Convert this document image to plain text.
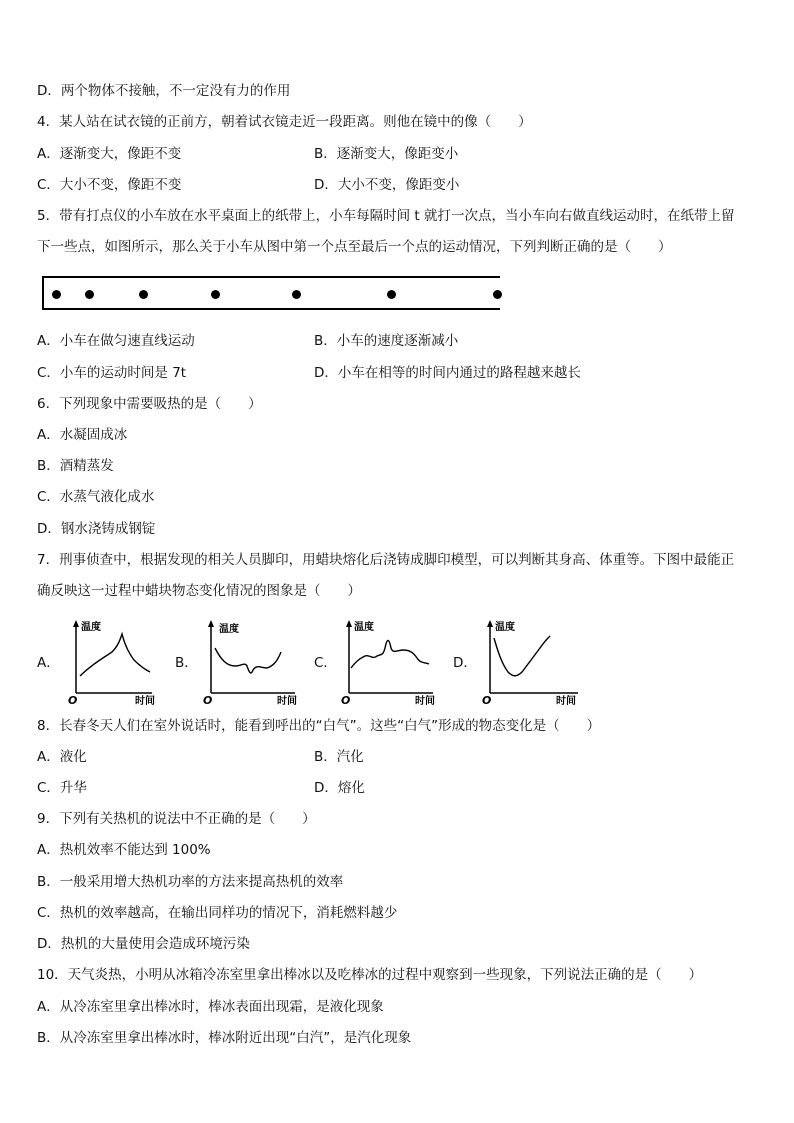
D．两个物体不接触，不一定没有力的作用
4．某人站在试衣镜的正前方，朝着试衣镜走近一段距离。则他在镜中的像（　　）
A．逐渐变大，像距不变	B．逐渐变大，像距变小
C．大小不变，像距不变	D．大小不变，像距变小
5．带有打点仪的小车放在水平桌面上的纸带上，小车每隔时间 t 就打一次点，当小车向右做直线运动时，在纸带上留
下一些点，如图所示，那么关于小车从图中第一个点至最后一个点的运动情况，下列判断正确的是（　　）
A．小车在做匀速直线运动	B．小车的速度逐渐减小
C．小车的运动时间是 7t	D．小车在相等的时间内通过的路程越来越长
6．下列现象中需要吸热的是（　　）
A．水凝固成冰
B．酒精蒸发
C．水蒸气液化成水
D．钢水浇铸成钢锭
7．刑事侦查中，根据发现的相关人员脚印，用蜡块熔化后浇铸成脚印模型，可以判断其身高、体重等。下图中最能正
确反映这一过程中蜡块物态变化情况的图象是（　　）
A．
温度
O	时间
B．
温度
O	时间
C．
温度
O	时间
D．
温度
O	时间
8．长春冬天人们在室外说话时，能看到呼出的“白气”。这些“白气”形成的物态变化是（　　）
A．液化	B．汽化
C．升华	D．熔化
9．下列有关热机的说法中不正确的是（　　）
A．热机效率不能达到 100%
B．一般采用增大热机功率的方法来提高热机的效率
C．热机的效率越高，在输出同样功的情况下，消耗燃料越少
D．热机的大量使用会造成环境污染
10．天气炎热，小明从冰箱冷冻室里拿出棒冰以及吃棒冰的过程中观察到一些现象，下列说法正确的是（　　）
A．从冷冻室里拿出棒冰时，棒冰表面出现霜，是液化现象
B．从冷冻室里拿出棒冰时，棒冰附近出现“白汽”，是汽化现象
